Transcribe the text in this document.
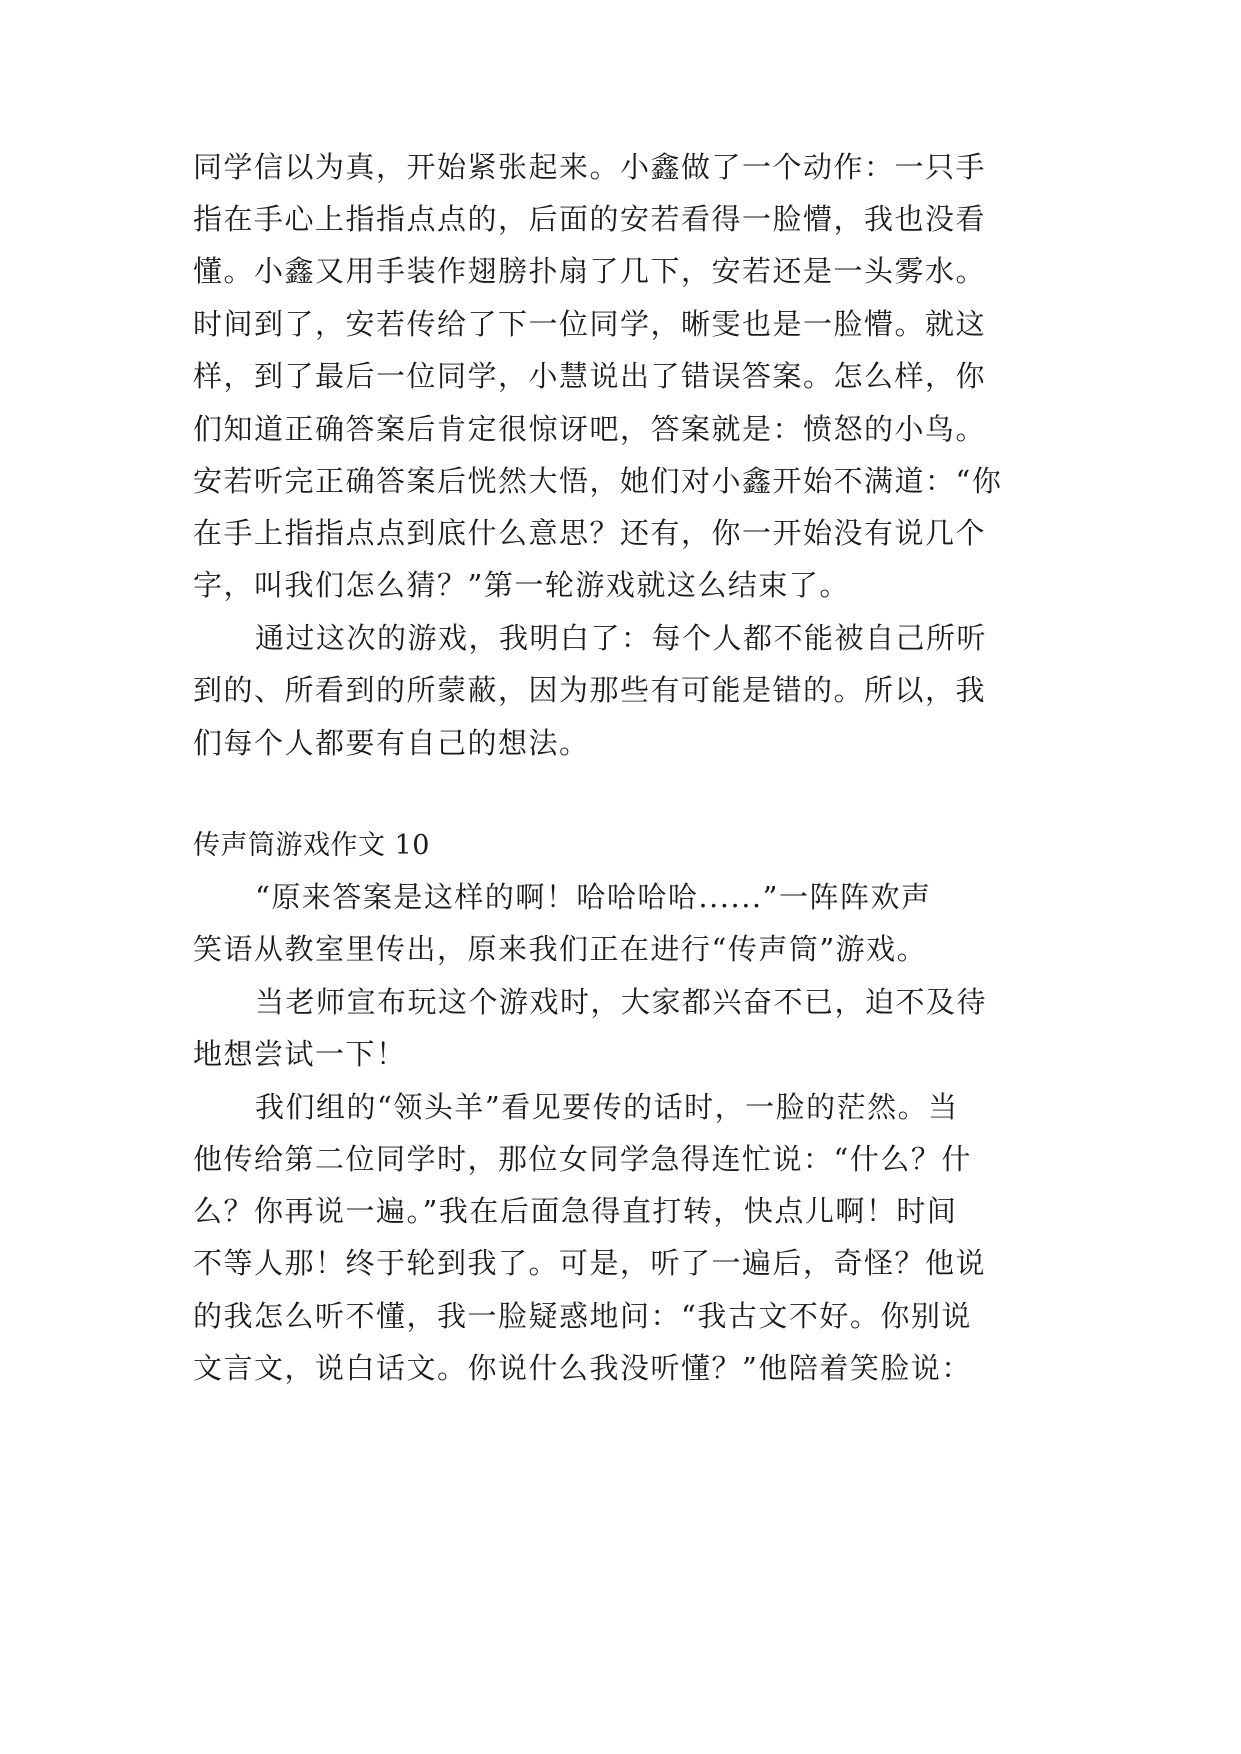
同学信以为真，开始紧张起来。小鑫做了一个动作：一只手
指在手心上指指点点的，后面的安若看得一脸懵，我也没看
懂。小鑫又用手装作翅膀扑扇了几下，安若还是一头雾水。
时间到了，安若传给了下一位同学，晰雯也是一脸懵。就这
样，到了最后一位同学，小慧说出了错误答案。怎么样，你
们知道正确答案后肯定很惊讶吧，答案就是：愤怒的小鸟。
安若听完正确答案后恍然大悟，她们对小鑫开始不满道：“你
在手上指指点点到底什么意思？还有，你一开始没有说几个
字，叫我们怎么猜？”第一轮游戏就这么结束了。
通过这次的游戏，我明白了：每个人都不能被自己所听
到的、所看到的所蒙蔽，因为那些有可能是错的。所以，我
们每个人都要有自己的想法。
传声筒游戏作文 10
“原来答案是这样的啊！哈哈哈哈......”一阵阵欢声
笑语从教室里传出，原来我们正在进行“传声筒”游戏。
当老师宣布玩这个游戏时，大家都兴奋不已，迫不及待
地想尝试一下！
我们组的“领头羊”看见要传的话时，一脸的茫然。当
他传给第二位同学时，那位女同学急得连忙说：“什么？什
么？你再说一遍。”我在后面急得直打转，快点儿啊！时间
不等人那！终于轮到我了。可是，听了一遍后，奇怪？他说
的我怎么听不懂，我一脸疑惑地问：“我古文不好。你别说
文言文，说白话文。你说什么我没听懂？”他陪着笑脸说：
